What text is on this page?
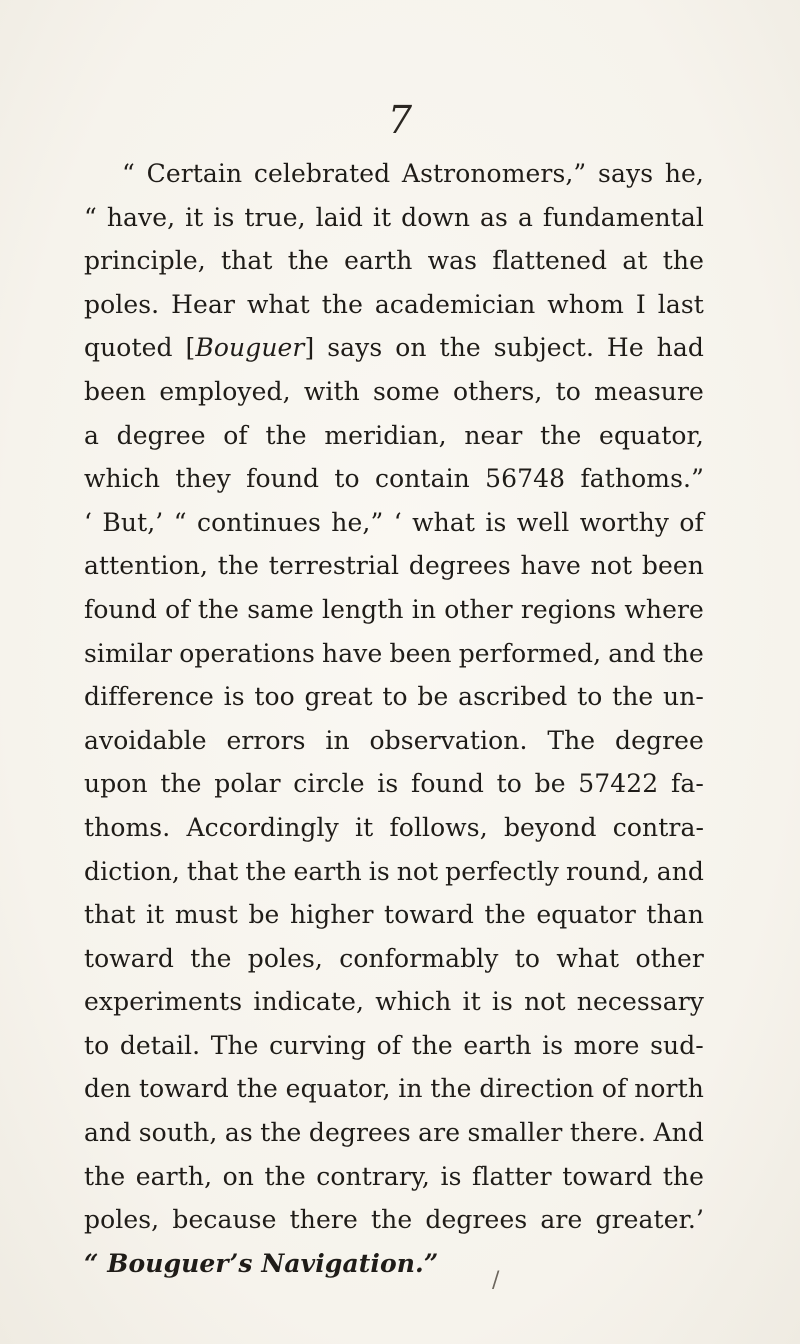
7
“ Certain celebrated Astronomers,” says he,
“ have, it is true, laid it down as a fundamental
principle, that the earth was flattened at the
poles. Hear what the academician whom I last
quoted [Bouguer] says on the subject. He had
been employed, with some others, to measure
a degree of the meridian, near the equator,
which they found to contain 56748 fathoms.”
‘ But,’ “ continues he,” ‘ what is well worthy of
attention, the terrestrial degrees have not been
found of the same length in other regions where
similar operations have been performed, and the
difference is too great to be ascribed to the un-
avoidable errors in observation. The degree
upon the polar circle is found to be 57422 fa-
thoms. Accordingly it follows, beyond contra-
diction, that the earth is not perfectly round, and
that it must be higher toward the equator than
toward the poles, conformably to what other
experiments indicate, which it is not necessary
to detail. The curving of the earth is more sud-
den toward the equator, in the direction of north
and south, as the degrees are smaller there. And
the earth, on the contrary, is flatter toward the
poles, because there the degrees are greater.’
“ Bouguer’s Navigation.”
/
